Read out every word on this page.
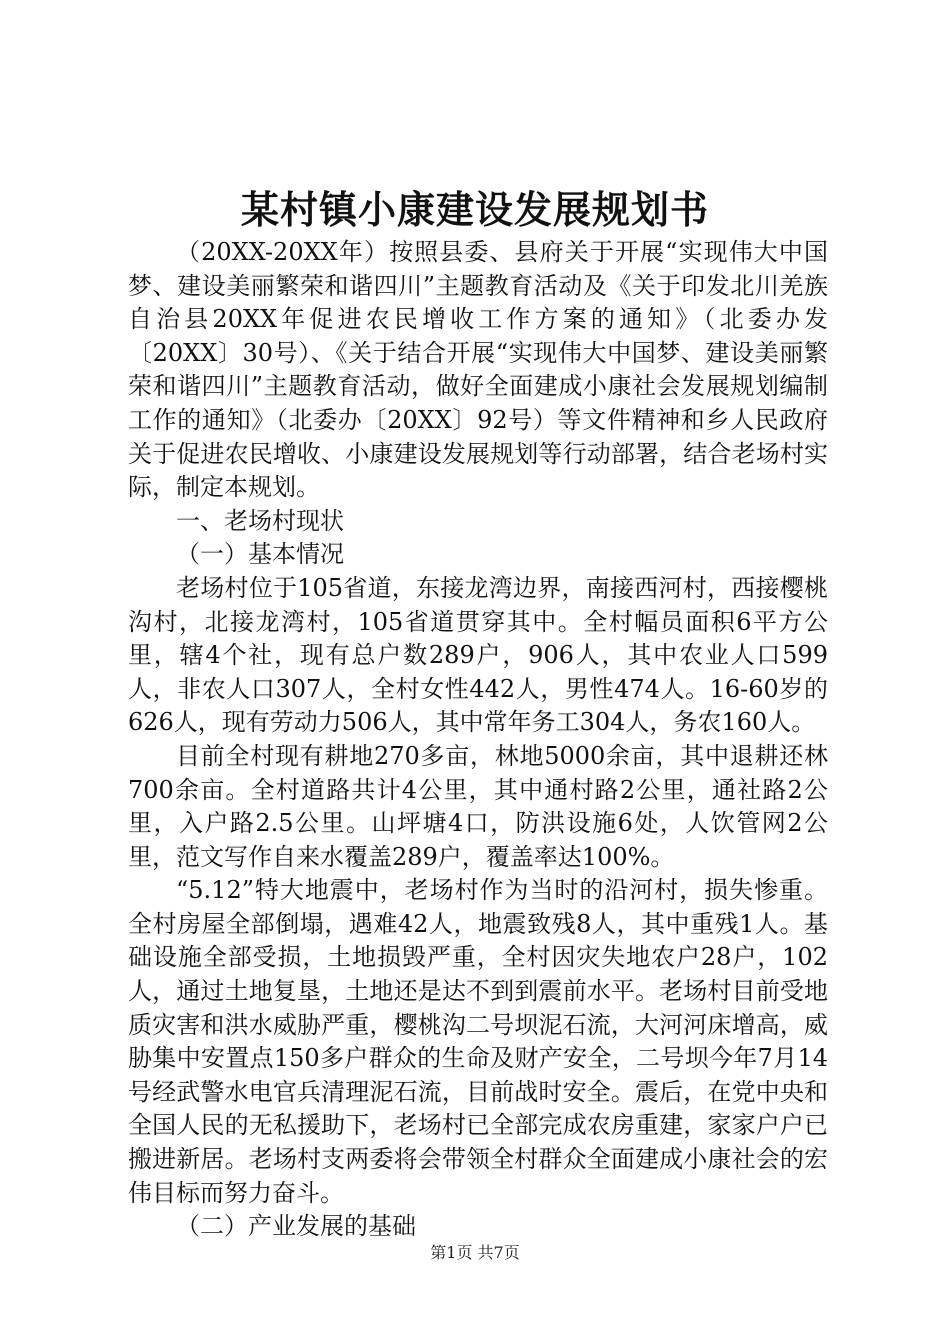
某村镇小康建设发展规划书

（20XX-20XX年）按照县委、县府关于开展“实现伟大中国梦、建设美丽繁荣和谐四川”主题教育活动及《关于印发北川羌族自治县20XX年促进农民增收工作方案的通知》（北委办发〔20XX〕30号）、《关于结合开展“实现伟大中国梦、建设美丽繁荣和谐四川”主题教育活动，做好全面建成小康社会发展规划编制工作的通知》（北委办〔20XX〕92号）等文件精神和乡人民政府关于促进农民增收、小康建设发展规划等行动部署，结合老场村实际，制定本规划。

一、老场村现状

（一）基本情况

老场村位于105省道，东接龙湾边界，南接西河村，西接樱桃沟村，北接龙湾村，105省道贯穿其中。全村幅员面积6平方公里，辖4个社，现有总户数289户，906人，其中农业人口599人，非农人口307人，全村女性442人，男性474人。16-60岁的626人，现有劳动力506人，其中常年务工304人，务农160人。

目前全村现有耕地270多亩，林地5000余亩，其中退耕还林700余亩。全村道路共计4公里，其中通村路2公里，通社路2公里，入户路2.5公里。山坪塘4口，防洪设施6处，人饮管网2公里，范文写作自来水覆盖289户，覆盖率达100%。

“5.12”特大地震中，老场村作为当时的沿河村，损失惨重。全村房屋全部倒塌，遇难42人，地震致残8人，其中重残1人。基础设施全部受损，土地损毁严重，全村因灾失地农户28户，102人，通过土地复垦，土地还是达不到到震前水平。老场村目前受地质灾害和洪水威胁严重，樱桃沟二号坝泥石流，大河河床增高，威胁集中安置点150多户群众的生命及财产安全，二号坝今年7月14号经武警水电官兵清理泥石流，目前战时安全。震后，在党中央和全国人民的无私援助下，老场村已全部完成农房重建，家家户户已搬进新居。老场村支两委将会带领全村群众全面建成小康社会的宏伟目标而努力奋斗。

（二）产业发展的基础

第1页 共7页
